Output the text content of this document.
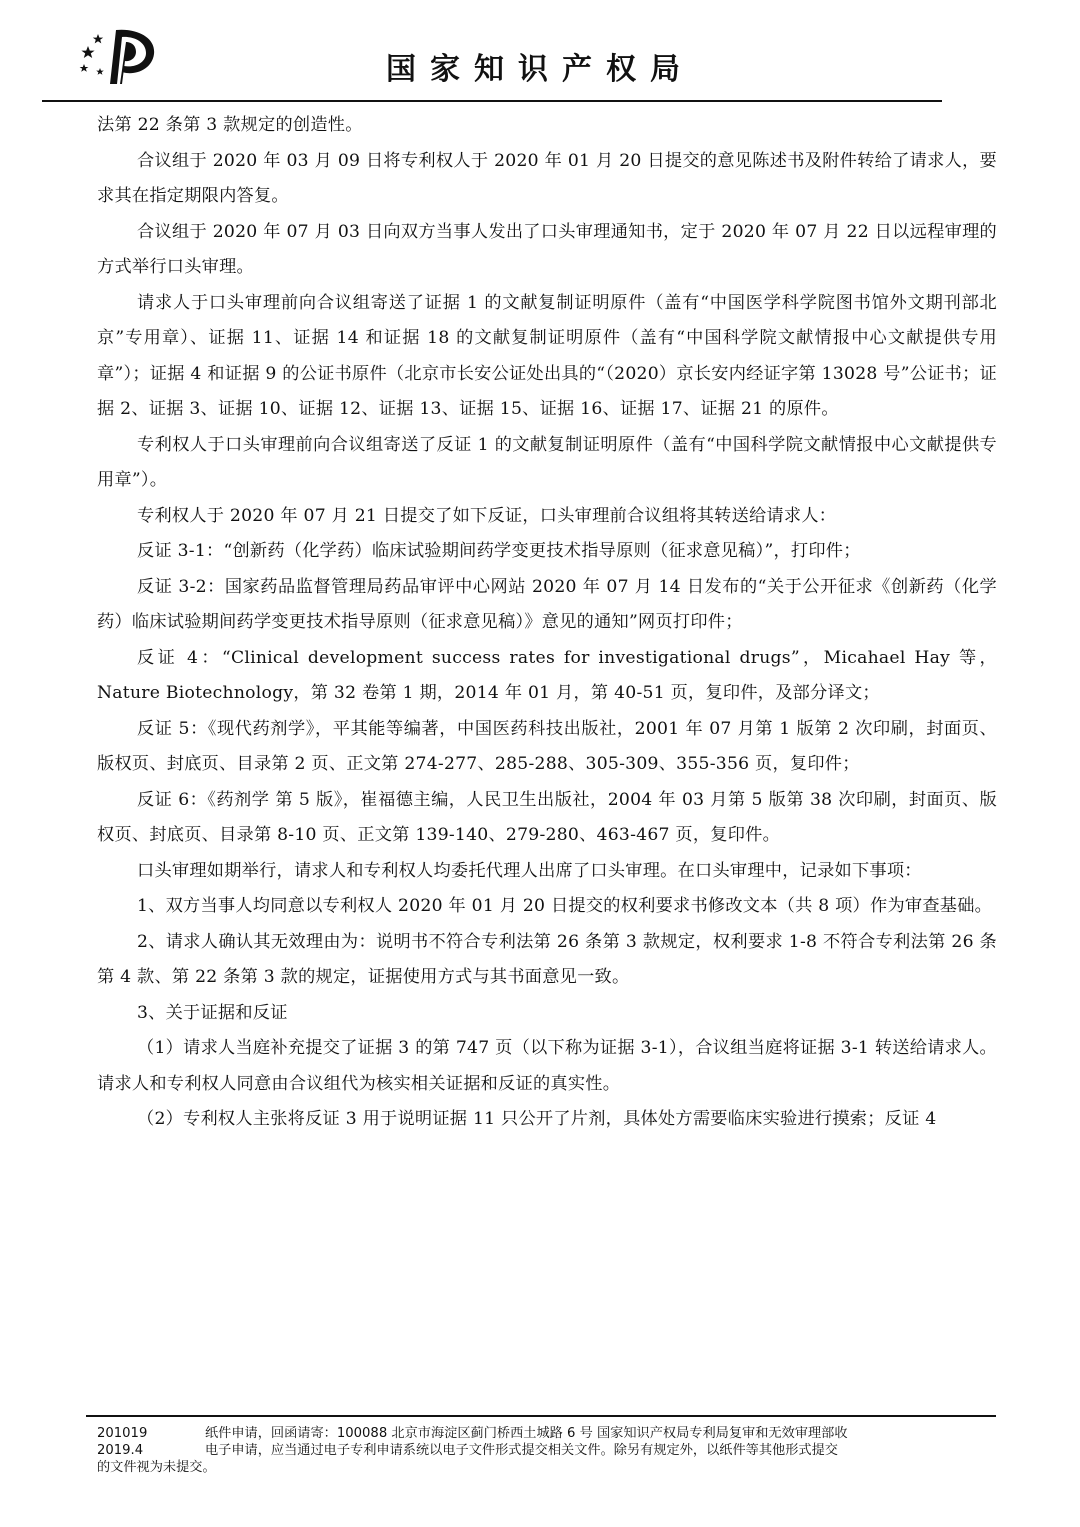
国家知识产权局

法第 22 条第 3 款规定的创造性。

合议组于 2020 年 03 月 09 日将专利权人于 2020 年 01 月 20 日提交的意见陈述书及附件转给了请求人，要求其在指定期限内答复。

合议组于 2020 年 07 月 03 日向双方当事人发出了口头审理通知书，定于 2020 年 07 月 22 日以远程审理的方式举行口头审理。

请求人于口头审理前向合议组寄送了证据 1 的文献复制证明原件（盖有“中国医学科学院图书馆外文期刊部北京”专用章）、证据 11、证据 14 和证据 18 的文献复制证明原件（盖有“中国科学院文献情报中心文献提供专用章”）；证据 4 和证据 9 的公证书原件（北京市长安公证处出具的“（2020）京长安内经证字第 13028 号”公证书；证据 2、证据 3、证据 10、证据 12、证据 13、证据 15、证据 16、证据 17、证据 21 的原件。

专利权人于口头审理前向合议组寄送了反证 1 的文献复制证明原件（盖有“中国科学院文献情报中心文献提供专用章”）。

专利权人于 2020 年 07 月 21 日提交了如下反证，口头审理前合议组将其转送给请求人：

反证 3-1：“创新药（化学药）临床试验期间药学变更技术指导原则（征求意见稿）”，打印件；

反证 3-2：国家药品监督管理局药品审评中心网站 2020 年 07 月 14 日发布的“关于公开征求《创新药（化学药）临床试验期间药学变更技术指导原则（征求意见稿）》意见的通知”网页打印件；

反证 4：“Clinical development success rates for investigational drugs”，Micahael Hay 等，Nature Biotechnology，第 32 卷第 1 期，2014 年 01 月，第 40-51 页，复印件，及部分译文；

反证 5：《现代药剂学》，平其能等编著，中国医药科技出版社，2001 年 07 月第 1 版第 2 次印刷，封面页、版权页、封底页、目录第 2 页、正文第 274-277、285-288、305-309、355-356 页，复印件；

反证 6：《药剂学 第 5 版》，崔福德主编，人民卫生出版社，2004 年 03 月第 5 版第 38 次印刷，封面页、版权页、封底页、目录第 8-10 页、正文第 139-140、279-280、463-467 页，复印件。

口头审理如期举行，请求人和专利权人均委托代理人出席了口头审理。在口头审理中，记录如下事项：

1、双方当事人均同意以专利权人 2020 年 01 月 20 日提交的权利要求书修改文本（共 8 项）作为审查基础。

2、请求人确认其无效理由为：说明书不符合专利法第 26 条第 3 款规定，权利要求 1-8 不符合专利法第 26 条第 4 款、第 22 条第 3 款的规定，证据使用方式与其书面意见一致。

3、关于证据和反证

（1）请求人当庭补充提交了证据 3 的第 747 页（以下称为证据 3-1），合议组当庭将证据 3-1 转送给请求人。请求人和专利权人同意由合议组代为核实相关证据和反证的真实性。

（2）专利权人主张将反证 3 用于说明证据 11 只公开了片剂，具体处方需要临床实验进行摸索；反证 4

201019	纸件申请，回函请寄：100088 北京市海淀区蓟门桥西土城路 6 号 国家知识产权局专利局复审和无效审理部收
2019.4	电子申请，应当通过电子专利申请系统以电子文件形式提交相关文件。除另有规定外，以纸件等其他形式提交
的文件视为未提交。
